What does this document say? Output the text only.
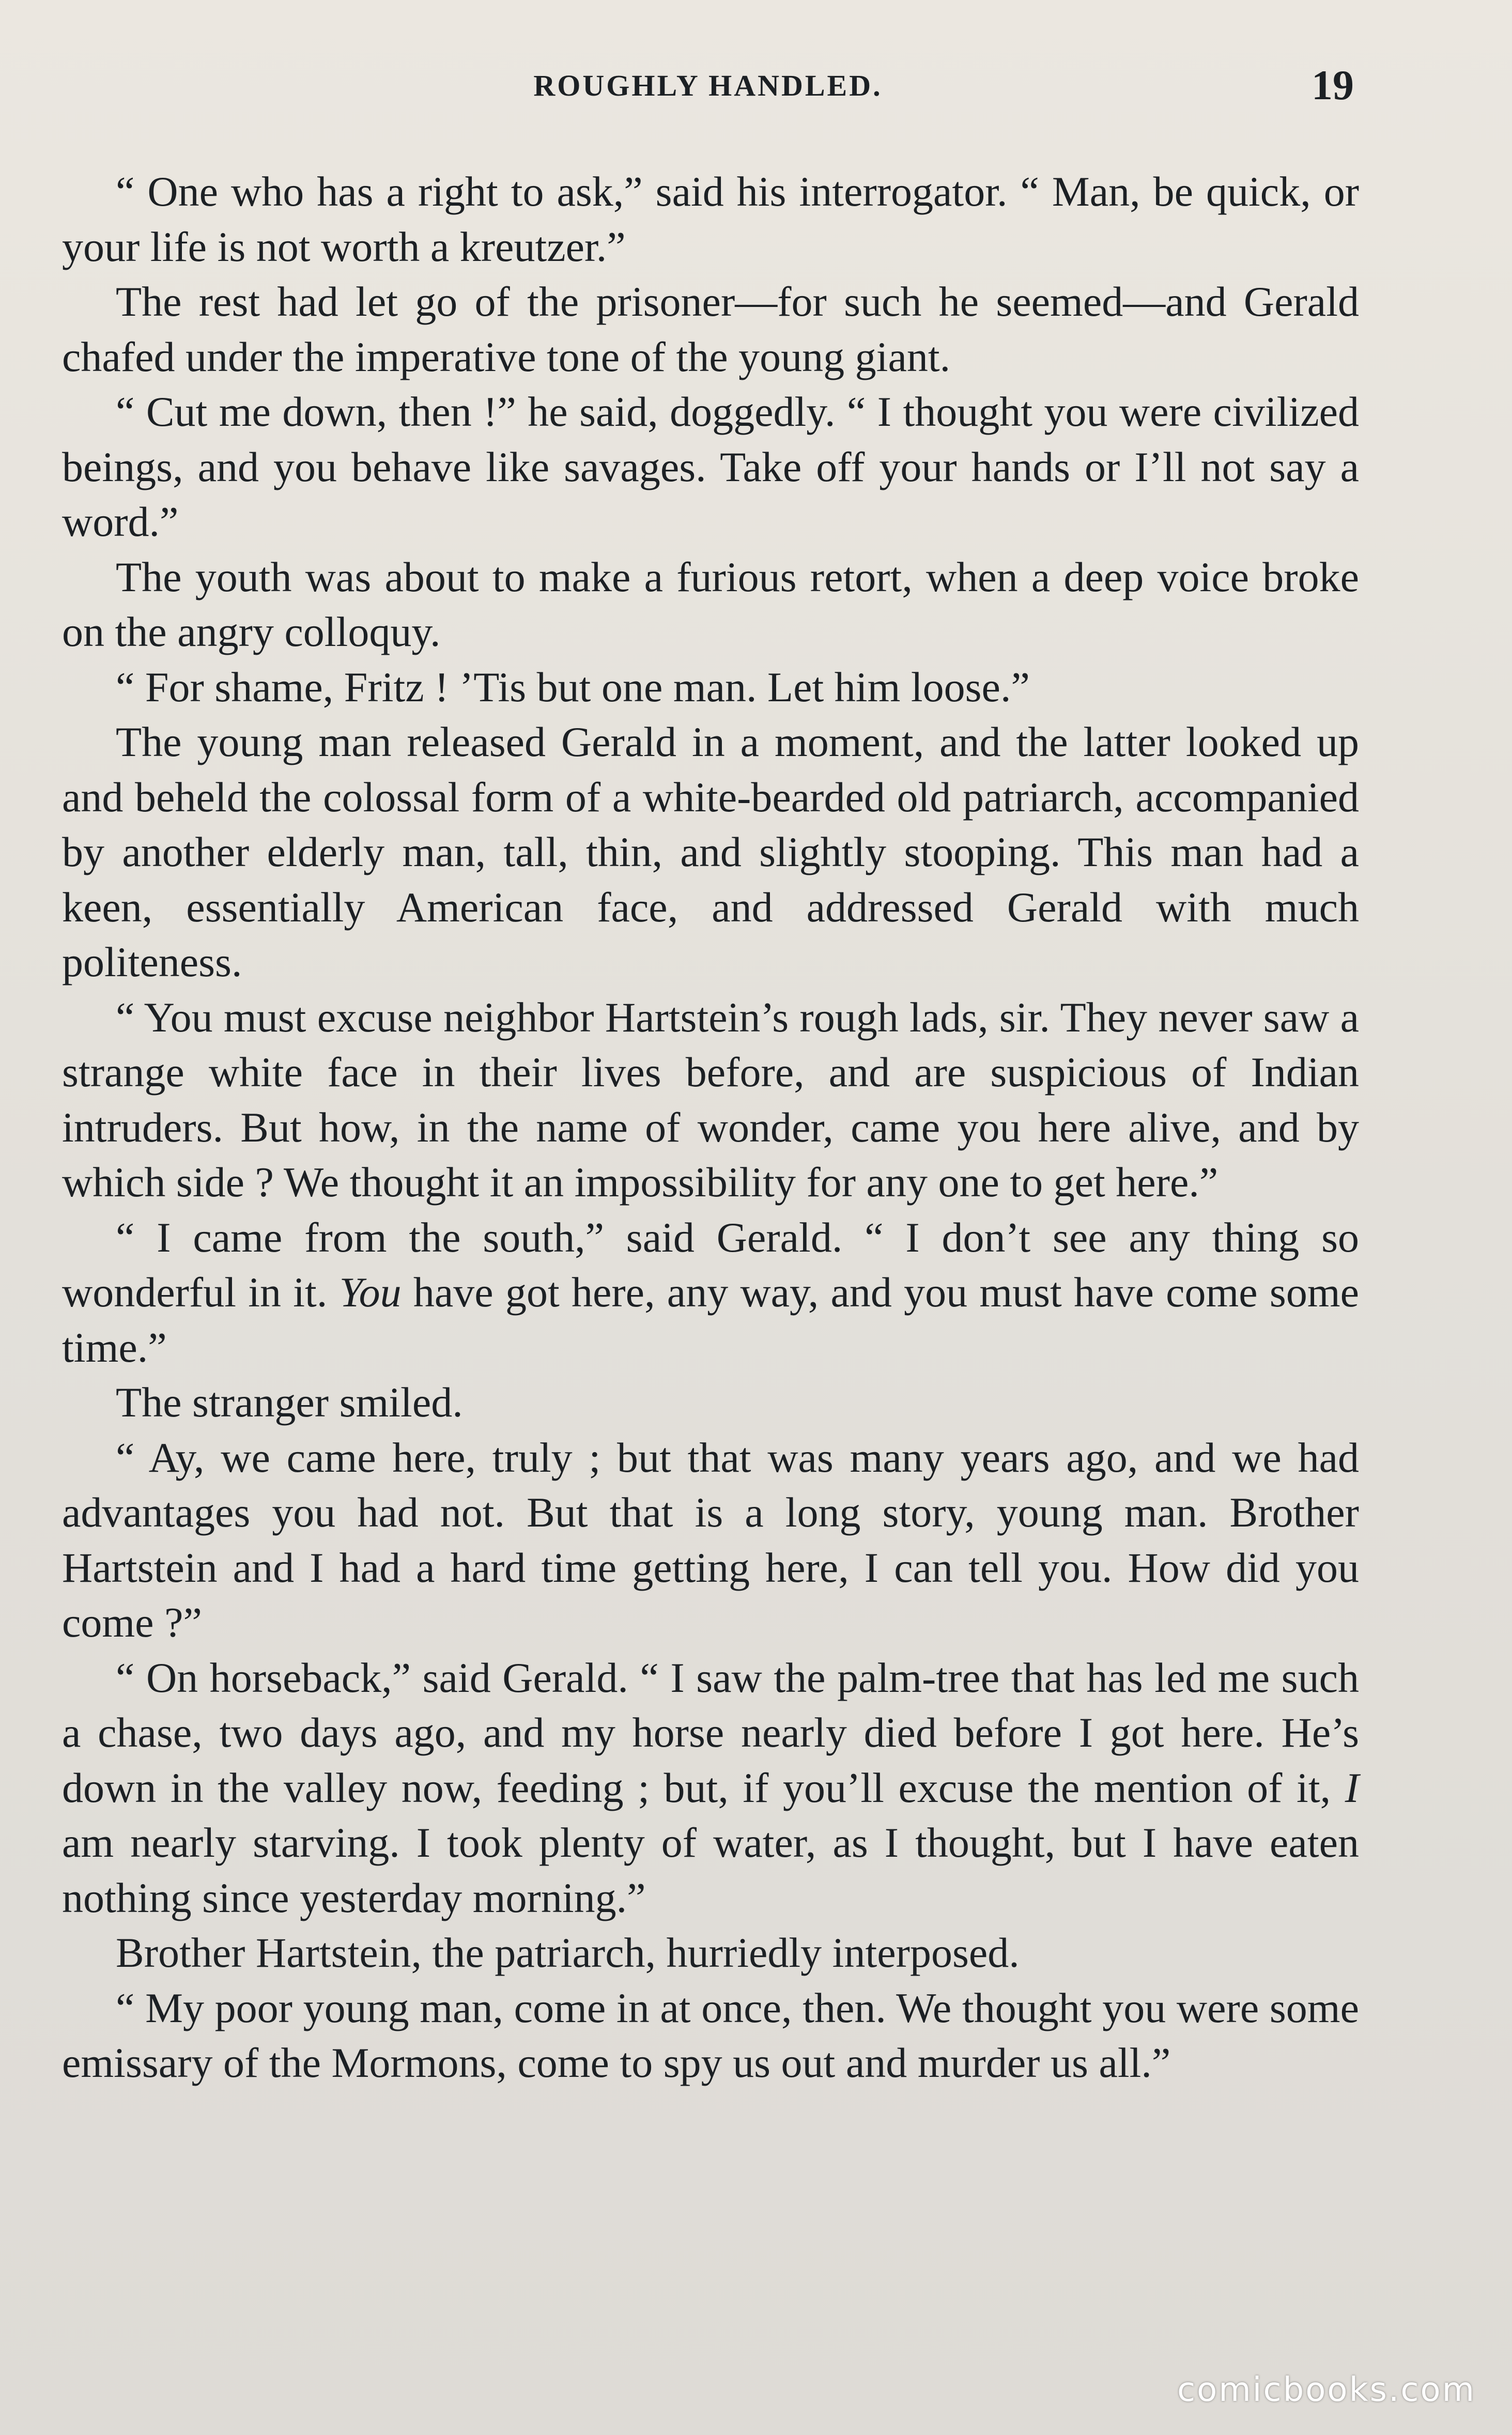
ROUGHLY HANDLED.	19

“ One who has a right to ask,” said his interrogator. “ Man, be quick, or your life is not worth a kreutzer.”

The rest had let go of the prisoner—for such he seemed—and Gerald chafed under the imperative tone of the young giant.

“ Cut me down, then !” he said, doggedly. “ I thought you were civilized beings, and you behave like savages. Take off your hands or I’ll not say a word.”

The youth was about to make a furious retort, when a deep voice broke on the angry colloquy.

“ For shame, Fritz ! ’Tis but one man. Let him loose.”

The young man released Gerald in a moment, and the latter looked up and beheld the colossal form of a white-bearded old patriarch, accompanied by another elderly man, tall, thin, and slightly stooping. This man had a keen, essentially American face, and addressed Gerald with much politeness.

“ You must excuse neighbor Hartstein’s rough lads, sir. They never saw a strange white face in their lives before, and are suspicious of Indian intruders. But how, in the name of wonder, came you here alive, and by which side ? We thought it an impossibility for any one to get here.”

“ I came from the south,” said Gerald. “ I don’t see any thing so wonderful in it. You have got here, any way, and you must have come some time.”

The stranger smiled.

“ Ay, we came here, truly ; but that was many years ago, and we had advantages you had not. But that is a long story, young man. Brother Hartstein and I had a hard time getting here, I can tell you. How did you come ?”

“ On horseback,” said Gerald. “ I saw the palm-tree that has led me such a chase, two days ago, and my horse nearly died before I got here. He’s down in the valley now, feeding ; but, if you’ll excuse the mention of it, I am nearly starving. I took plenty of water, as I thought, but I have eaten nothing since yesterday morning.”

Brother Hartstein, the patriarch, hurriedly interposed.

“ My poor young man, come in at once, then. We thought you were some emissary of the Mormons, come to spy us out and murder us all.”

comicbooks.com
